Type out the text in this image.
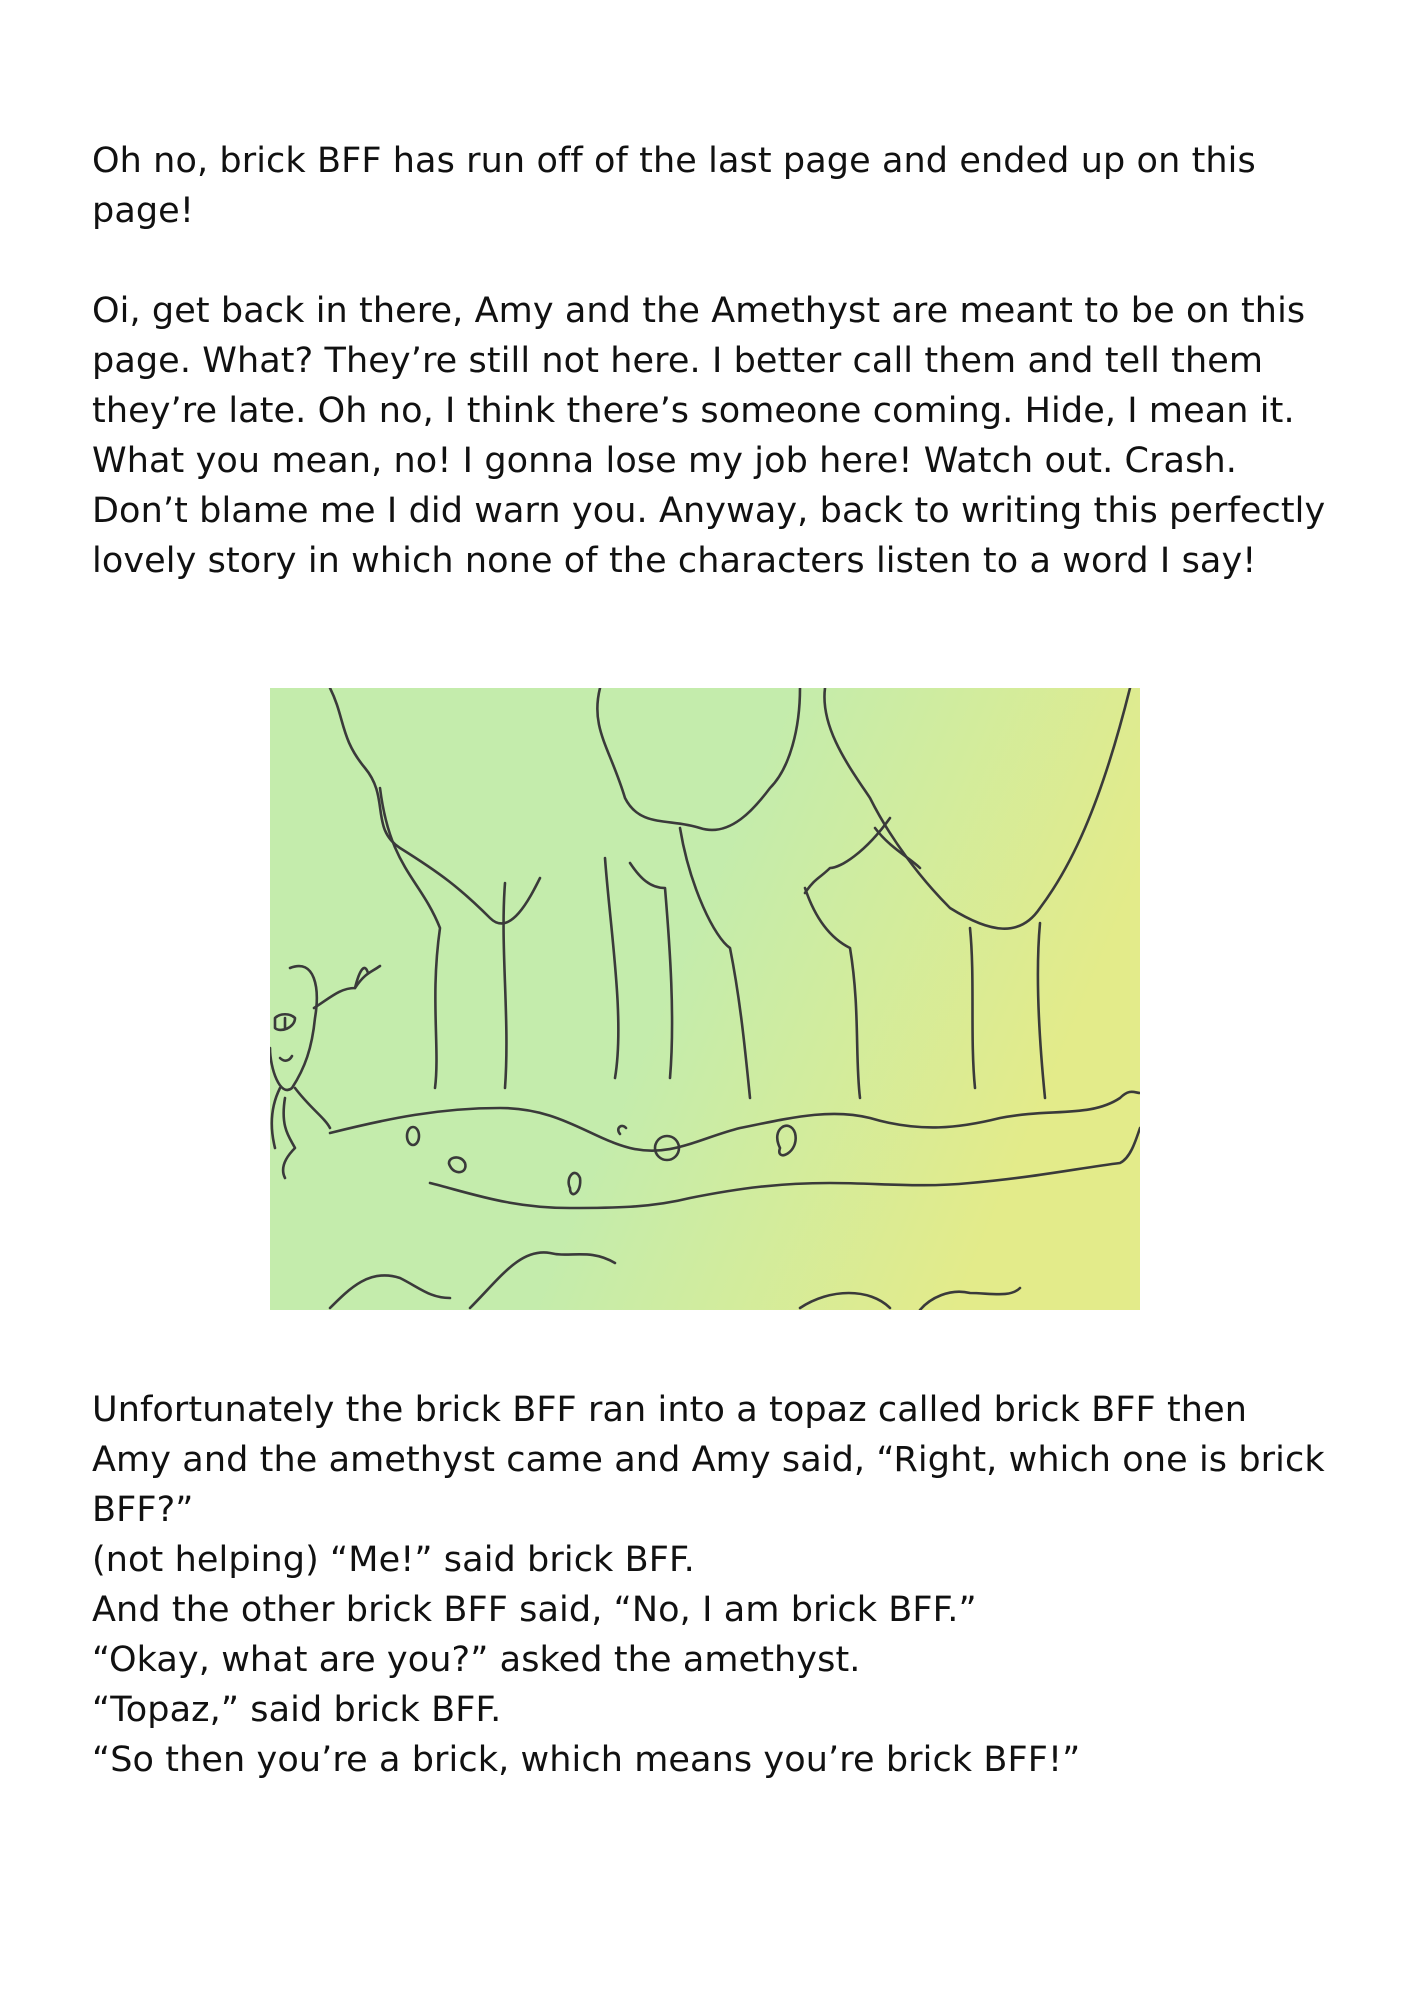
Oh no, brick BFF has run off of the last page and ended up on this page!

Oi, get back in there, Amy and the Amethyst are meant to be on this page. What? They’re still not here. I better call them and tell them they’re late. Oh no, I think there’s someone coming. Hide, I mean it. What you mean, no! I gonna lose my job here! Watch out. Crash. Don’t blame me I did warn you. Anyway, back to writing this perfectly lovely story in which none of the characters listen to a word I say!

Unfortunately the brick BFF ran into a topaz called brick BFF then Amy and the amethyst came and Amy said, “Right, which one is brick BFF?”

(not helping) “Me!” said brick BFF.

And the other brick BFF said, “No, I am brick BFF.”

“Okay, what are you?” asked the amethyst.

“Topaz,” said brick BFF.

“So then you’re a brick, which means you’re brick BFF!”
